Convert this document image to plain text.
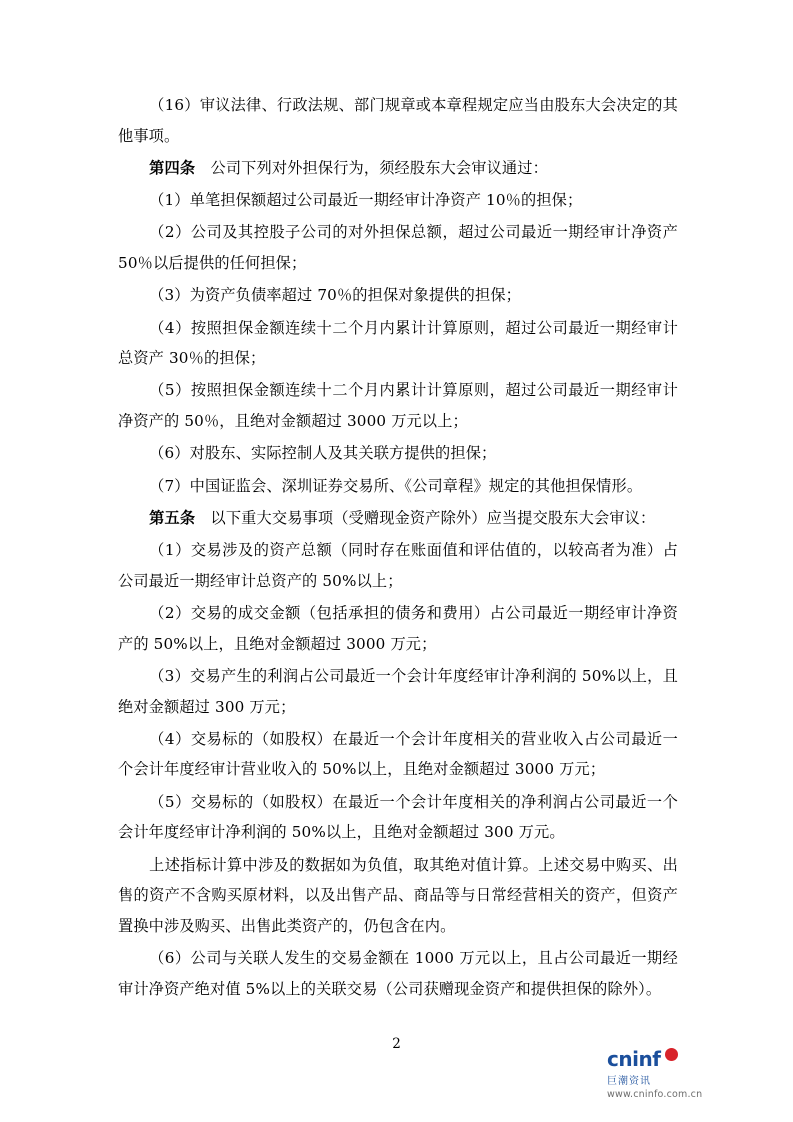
（16）审议法律、行政法规、部门规章或本章程规定应当由股东大会决定的其他事项。

第四条　公司下列对外担保行为，须经股东大会审议通过：

（1）单笔担保额超过公司最近一期经审计净资产 10％的担保；

（2）公司及其控股子公司的对外担保总额，超过公司最近一期经审计净资产 50％以后提供的任何担保；

（3）为资产负债率超过 70％的担保对象提供的担保；

（4）按照担保金额连续十二个月内累计计算原则，超过公司最近一期经审计总资产 30％的担保；

（5）按照担保金额连续十二个月内累计计算原则，超过公司最近一期经审计净资产的 50％，且绝对金额超过 3000 万元以上；

（6）对股东、实际控制人及其关联方提供的担保；

（7）中国证监会、深圳证券交易所、《公司章程》规定的其他担保情形。

第五条　以下重大交易事项（受赠现金资产除外）应当提交股东大会审议：

（1）交易涉及的资产总额（同时存在账面值和评估值的，以较高者为准）占公司最近一期经审计总资产的 50%以上；

（2）交易的成交金额（包括承担的债务和费用）占公司最近一期经审计净资产的 50%以上，且绝对金额超过 3000 万元；

（3）交易产生的利润占公司最近一个会计年度经审计净利润的 50%以上，且绝对金额超过 300 万元；

（4）交易标的（如股权）在最近一个会计年度相关的营业收入占公司最近一个会计年度经审计营业收入的 50%以上，且绝对金额超过 3000 万元；

（5）交易标的（如股权）在最近一个会计年度相关的净利润占公司最近一个会计年度经审计净利润的 50%以上，且绝对金额超过 300 万元。

上述指标计算中涉及的数据如为负值，取其绝对值计算。上述交易中购买、出售的资产不含购买原材料，以及出售产品、商品等与日常经营相关的资产，但资产置换中涉及购买、出售此类资产的，仍包含在内。

（6）公司与关联人发生的交易金额在 1000 万元以上，且占公司最近一期经审计净资产绝对值 5%以上的关联交易（公司获赠现金资产和提供担保的除外）。

2
cninf
巨潮资讯
www.cninfo.com.cn
